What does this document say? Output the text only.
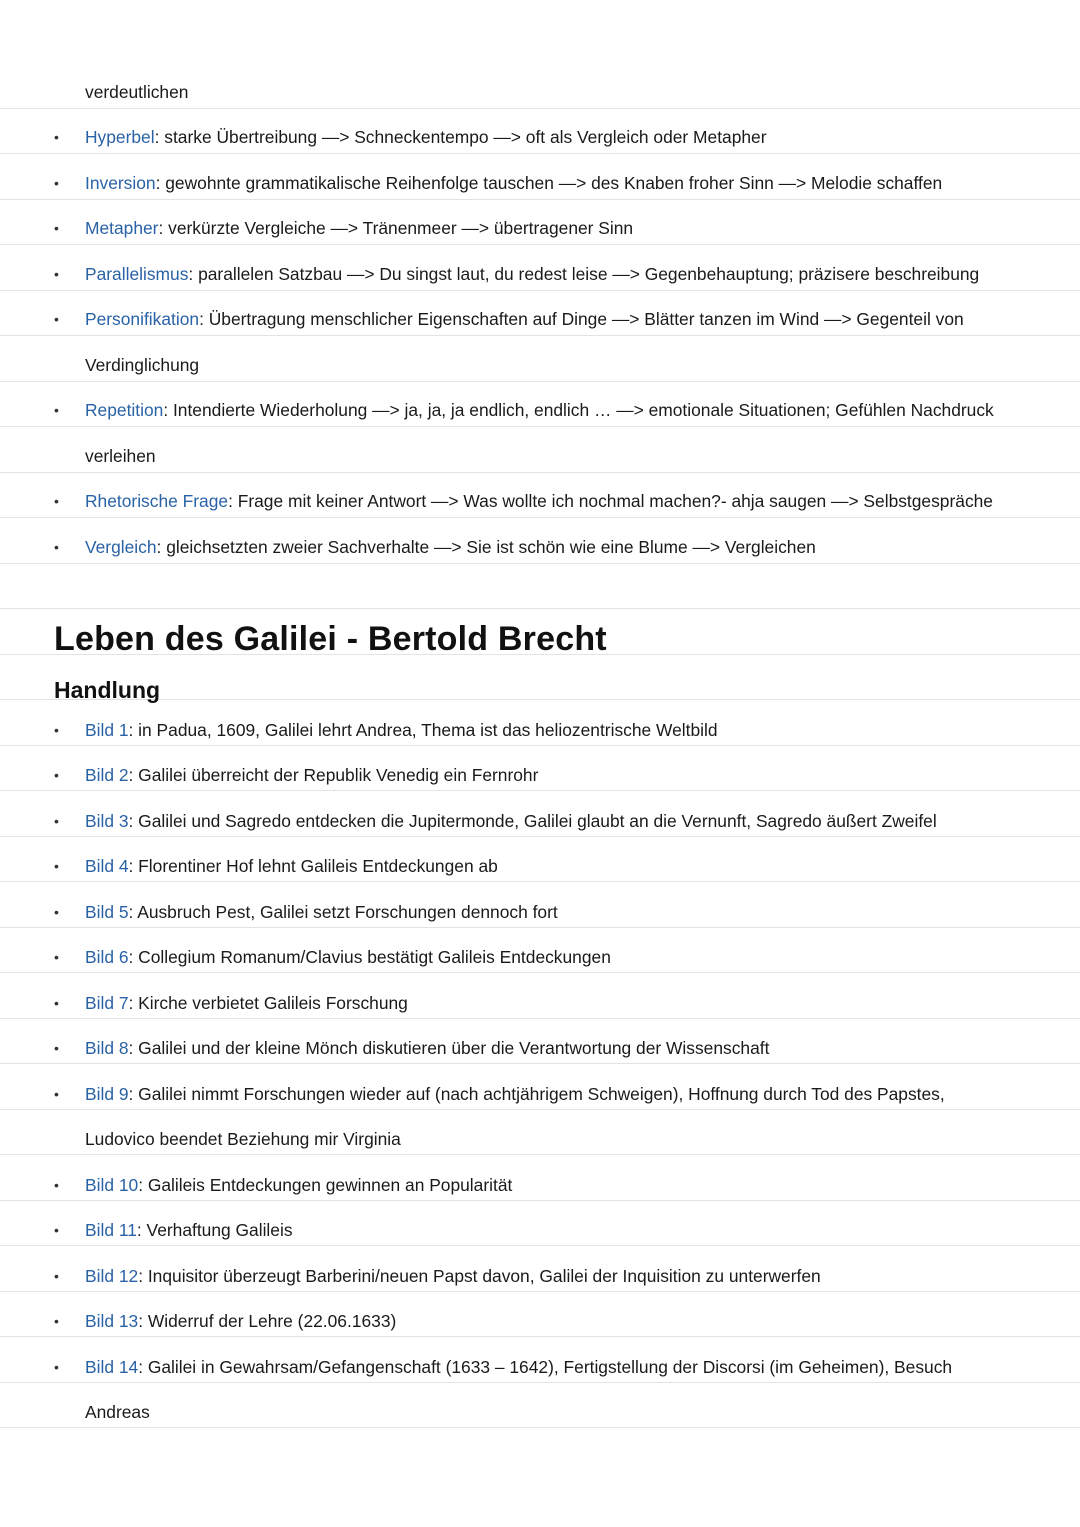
verdeutlichen
• Hyperbel: starke Übertreibung —> Schneckentempo —> oft als Vergleich oder Metapher
• Inversion: gewohnte grammatikalische Reihenfolge tauschen —> des Knaben froher Sinn —> Melodie schaffen
• Metapher: verkürzte Vergleiche —> Tränenmeer —> übertragener Sinn
• Parallelismus: parallelen Satzbau —> Du singst laut, du redest leise —> Gegenbehauptung; präzisere beschreibung
• Personifikation: Übertragung menschlicher Eigenschaften auf Dinge —> Blätter tanzen im Wind —> Gegenteil von
Verdinglichung
• Repetition: Intendierte Wiederholung —> ja, ja, ja endlich, endlich … —> emotionale Situationen; Gefühlen Nachdruck
verleihen
• Rhetorische Frage: Frage mit keiner Antwort —> Was wollte ich nochmal machen?- ahja saugen —> Selbstgespräche
• Vergleich: gleichsetzten zweier Sachverhalte —> Sie ist schön wie eine Blume —> Vergleichen
Leben des Galilei - Bertold Brecht
Handlung
• Bild 1: in Padua, 1609, Galilei lehrt Andrea, Thema ist das heliozentrische Weltbild
• Bild 2: Galilei überreicht der Republik Venedig ein Fernrohr
• Bild 3: Galilei und Sagredo entdecken die Jupitermonde, Galilei glaubt an die Vernunft, Sagredo äußert Zweifel
• Bild 4: Florentiner Hof lehnt Galileis Entdeckungen ab
• Bild 5: Ausbruch Pest, Galilei setzt Forschungen dennoch fort
• Bild 6: Collegium Romanum/Clavius bestätigt Galileis Entdeckungen
• Bild 7: Kirche verbietet Galileis Forschung
• Bild 8: Galilei und der kleine Mönch diskutieren über die Verantwortung der Wissenschaft
• Bild 9: Galilei nimmt Forschungen wieder auf (nach achtjährigem Schweigen), Hoffnung durch Tod des Papstes,
Ludovico beendet Beziehung mir Virginia
• Bild 10: Galileis Entdeckungen gewinnen an Popularität
• Bild 11: Verhaftung Galileis
• Bild 12: Inquisitor überzeugt Barberini/neuen Papst davon, Galilei der Inquisition zu unterwerfen
• Bild 13: Widerruf der Lehre (22.06.1633)
• Bild 14: Galilei in Gewahrsam/Gefangenschaft (1633 – 1642), Fertigstellung der Discorsi (im Geheimen), Besuch
Andreas
